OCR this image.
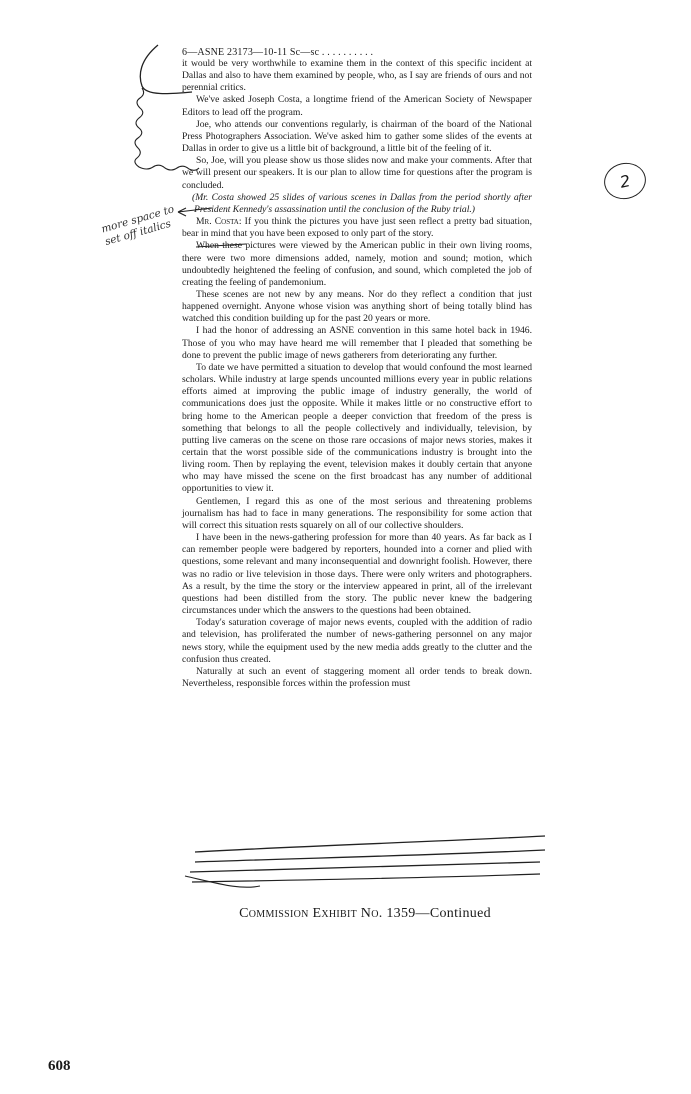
6—ASNE 23173—10-11 Sc—sc . . . . . . . . . .

it would be very worthwhile to examine them in the context of this specific incident at Dallas and also to have them examined by people, who, as I say are friends of ours and not perennial critics.

We've asked Joseph Costa, a longtime friend of the American Society of Newspaper Editors to lead off the program.

Joe, who attends our conventions regularly, is chairman of the board of the National Press Photographers Association. We've asked him to gather some slides of the events at Dallas in order to give us a little bit of background, a little bit of the feeling of it.

So, Joe, will you please show us those slides now and make your comments. After that we will present our speakers. It is our plan to allow time for questions after the program is concluded.

(Mr. Costa showed 25 slides of various scenes in Dallas from the period shortly after President Kennedy's assassination until the conclusion of the Ruby trial.)

Mr. Costa: If you think the pictures you have just seen reflect a pretty bad situation, bear in mind that you have been exposed to only part of the story.

When these pictures were viewed by the American public in their own living rooms, there were two more dimensions added, namely, motion and sound; motion, which undoubtedly heightened the feeling of confusion, and sound, which completed the job of creating the feeling of pandemonium.

These scenes are not new by any means. Nor do they reflect a condition that just happened overnight. Anyone whose vision was anything short of being totally blind has watched this condition building up for the past 20 years or more.

I had the honor of addressing an ASNE convention in this same hotel back in 1946. Those of you who may have heard me will remember that I pleaded that something be done to prevent the public image of news gatherers from deteriorating any further.

To date we have permitted a situation to develop that would confound the most learned scholars. While industry at large spends uncounted millions every year in public relations efforts aimed at improving the public image of industry generally, the world of communications does just the opposite. While it makes little or no constructive effort to bring home to the American people a deeper conviction that freedom of the press is something that belongs to all the people collectively and individually, television, by putting live cameras on the scene on those rare occasions of major news stories, makes it certain that the worst possible side of the communications industry is brought into the living room. Then by replaying the event, television makes it doubly certain that anyone who may have missed the scene on the first broadcast has any number of additional opportunities to view it.

Gentlemen, I regard this as one of the most serious and threatening problems journalism has had to face in many generations. The responsibility for some action that will correct this situation rests squarely on all of our collective shoulders.

I have been in the news-gathering profession for more than 40 years. As far back as I can remember people were badgered by reporters, hounded into a corner and plied with questions, some relevant and many inconsequential and downright foolish. However, there was no radio or live television in those days. There were only writers and photographers. As a result, by the time the story or the interview appeared in print, all of the irrelevant questions had been distilled from the story. The public never knew the badgering circumstances under which the answers to the questions had been obtained.

Today's saturation coverage of major news events, coupled with the addition of radio and television, has proliferated the number of news-gathering personnel on any major news story, while the equipment used by the new media adds greatly to the clutter and the confusion thus created.

Naturally at such an event of staggering moment all order tends to break down. Nevertheless, responsible forces within the profession must

Commission Exhibit No. 1359—Continued
608
more space to set off italics
2
